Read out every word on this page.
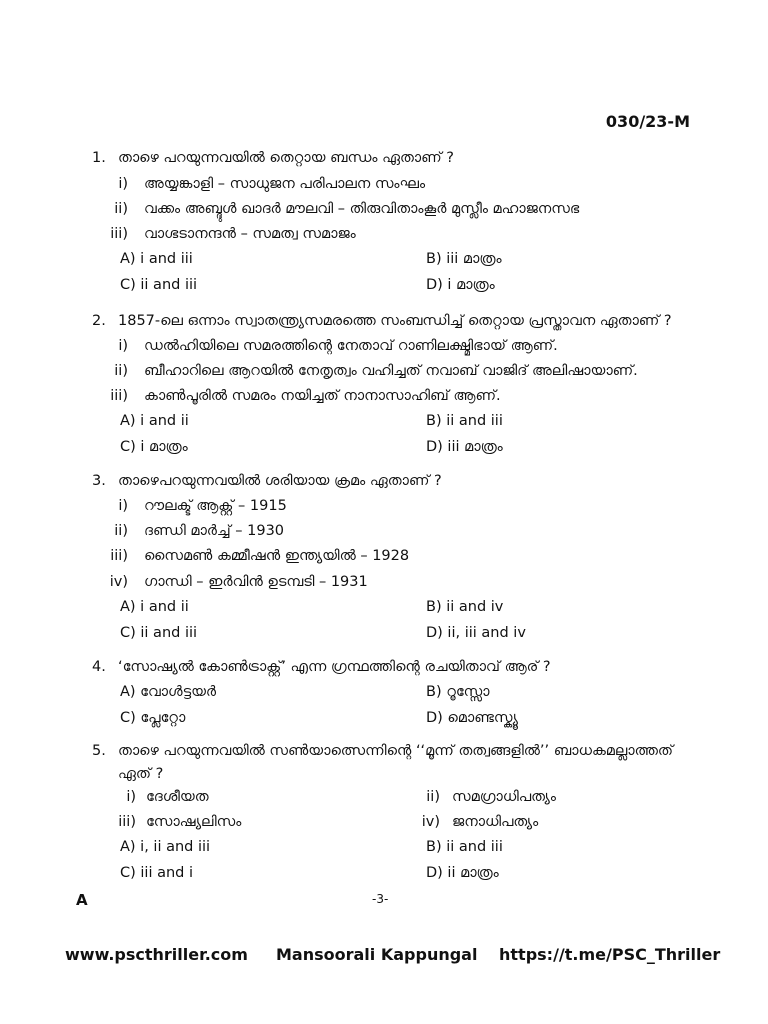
030/23-M
1. താഴെ പറയുന്നവയിൽ തെറ്റായ ബന്ധം ഏതാണ് ?
i) അയ്യങ്കാളി – സാധുജന പരിപാലന സംഘം
ii) വക്കം അബ്ദുൾ ഖാദർ മൗലവി – തിരുവിതാംകൂർ മുസ്ലീം മഹാജനസഭ
iii) വാഗ്ഭടാനന്ദൻ – സമത്വ സമാജം
A) i and iii	B) iii മാത്രം
C) ii and iii	D) i മാത്രം
2. 1857-ലെ ഒന്നാം സ്വാതന്ത്ര്യസമരത്തെ സംബന്ധിച്ച് തെറ്റായ പ്രസ്താവന ഏതാണ് ?
i) ഡൽഹിയിലെ സമരത്തിന്റെ നേതാവ് റാണിലക്ഷ്മിഭായ് ആണ്.
ii) ബീഹാറിലെ ആറയിൽ നേതൃത്വം വഹിച്ചത് നവാബ് വാജിദ് അലിഷായാണ്.
iii) കാൺപൂരിൽ സമരം നയിച്ചത് നാനാസാഹിബ് ആണ്.
A) i and ii	B) ii and iii
C) i മാത്രം	D) iii മാത്രം
3. താഴെപറയുന്നവയിൽ ശരിയായ ക്രമം ഏതാണ് ?
i) റൗലക്ട് ആക്റ്റ് – 1915
ii) ദണ്ഡി മാർച്ച് – 1930
iii) സൈമൺ കമ്മീഷൻ ഇന്ത്യയിൽ – 1928
iv) ഗാന്ധി – ഇർവിൻ ഉടമ്പടി – 1931
A) i and ii	B) ii and iv
C) ii and iii	D) ii, iii and iv
4. ‘സോഷ്യൽ കോൺട്രാക്റ്റ്’ എന്ന ഗ്രന്ഥത്തിന്റെ രചയിതാവ് ആര് ?
A) വോൾട്ടയർ	B) റൂസ്സോ
C) പ്ലേറ്റോ	D) മൊണ്ടസ്ക്യൂ
5. താഴെ പറയുന്നവയിൽ സൺയാത്സെന്നിന്റെ ‘‘മൂന്ന് തത്വങ്ങളിൽ’’ ബാധകമല്ലാത്തത്
ഏത് ?
i) ദേശീയത	ii) സമഗ്രാധിപത്യം
iii) സോഷ്യലിസം	iv) ജനാധിപത്യം
A) i, ii and iii	B) ii and iii
C) iii and i	D) ii മാത്രം
A	-3-
www.pscthriller.com Mansoorali Kappungal https://t.me/PSC_Thriller
